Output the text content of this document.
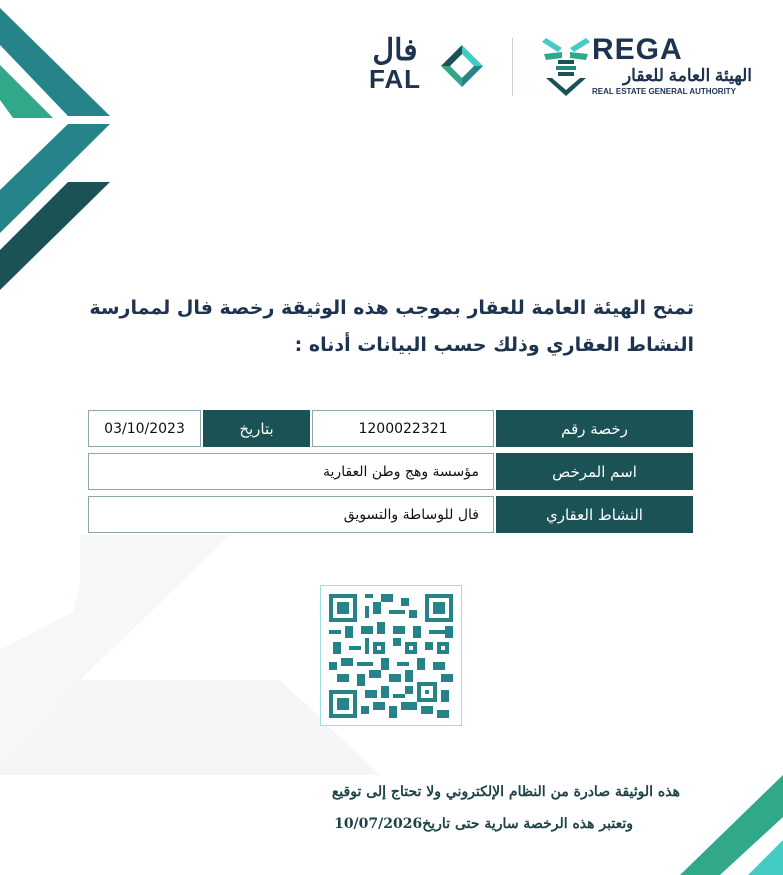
فال
FAL
REGA
الهيئة العامة للعقار
REAL ESTATE GENERAL AUTHORITY
تمنح الهيئة العامة للعقار بموجب هذه الوثيقة رخصة فال لممارسة
النشاط العقاري وذلك حسب البيانات أدناه :
رخصة رقم
1200022321
بتاريخ
03/10/2023
اسم المرخص
مؤسسة وهج وطن العقارية
النشاط العقاري
فال للوساطة والتسويق
هذه الوثيقة صادرة من النظام الإلكتروني ولا تحتاج إلى توقيع
وتعتبر هذه الرخصة سارية حتى تاريخ10/07/2026
